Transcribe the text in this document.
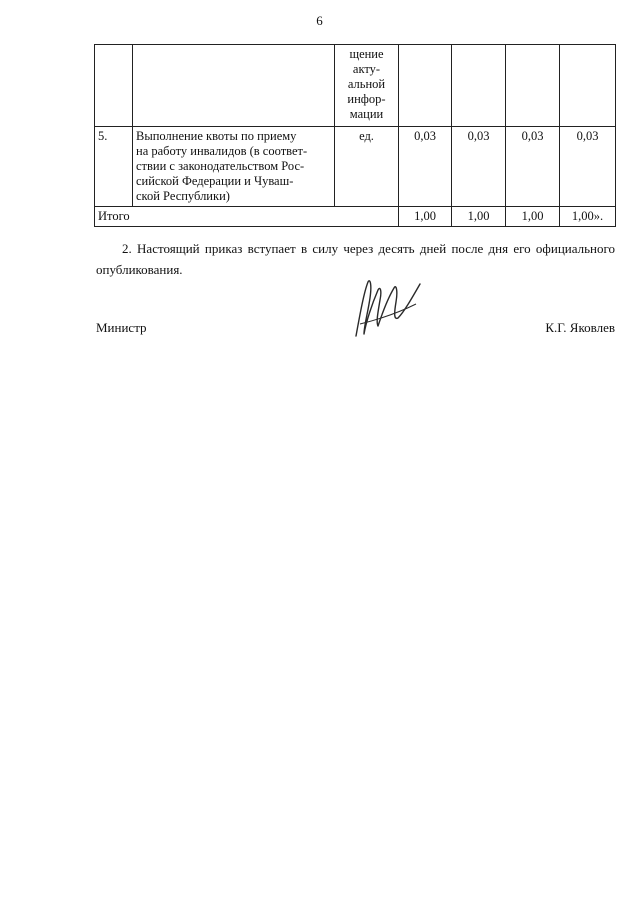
6

		щение
акту-
альной
инфор-
мации				

5.	Выполнение квоты по приему
на работу инвалидов (в соответ-
ствии с законодательством Рос-
сийской Федерации и Чуваш-
ской Республики)	ед.	0,03	0,03	0,03	0,03
Итого			1,00	1,00	1,00	1,00».
2. Настоящий приказ вступает в силу через десять дней после дня его официального опубликования.
Министр	К.Г. Яковлев
